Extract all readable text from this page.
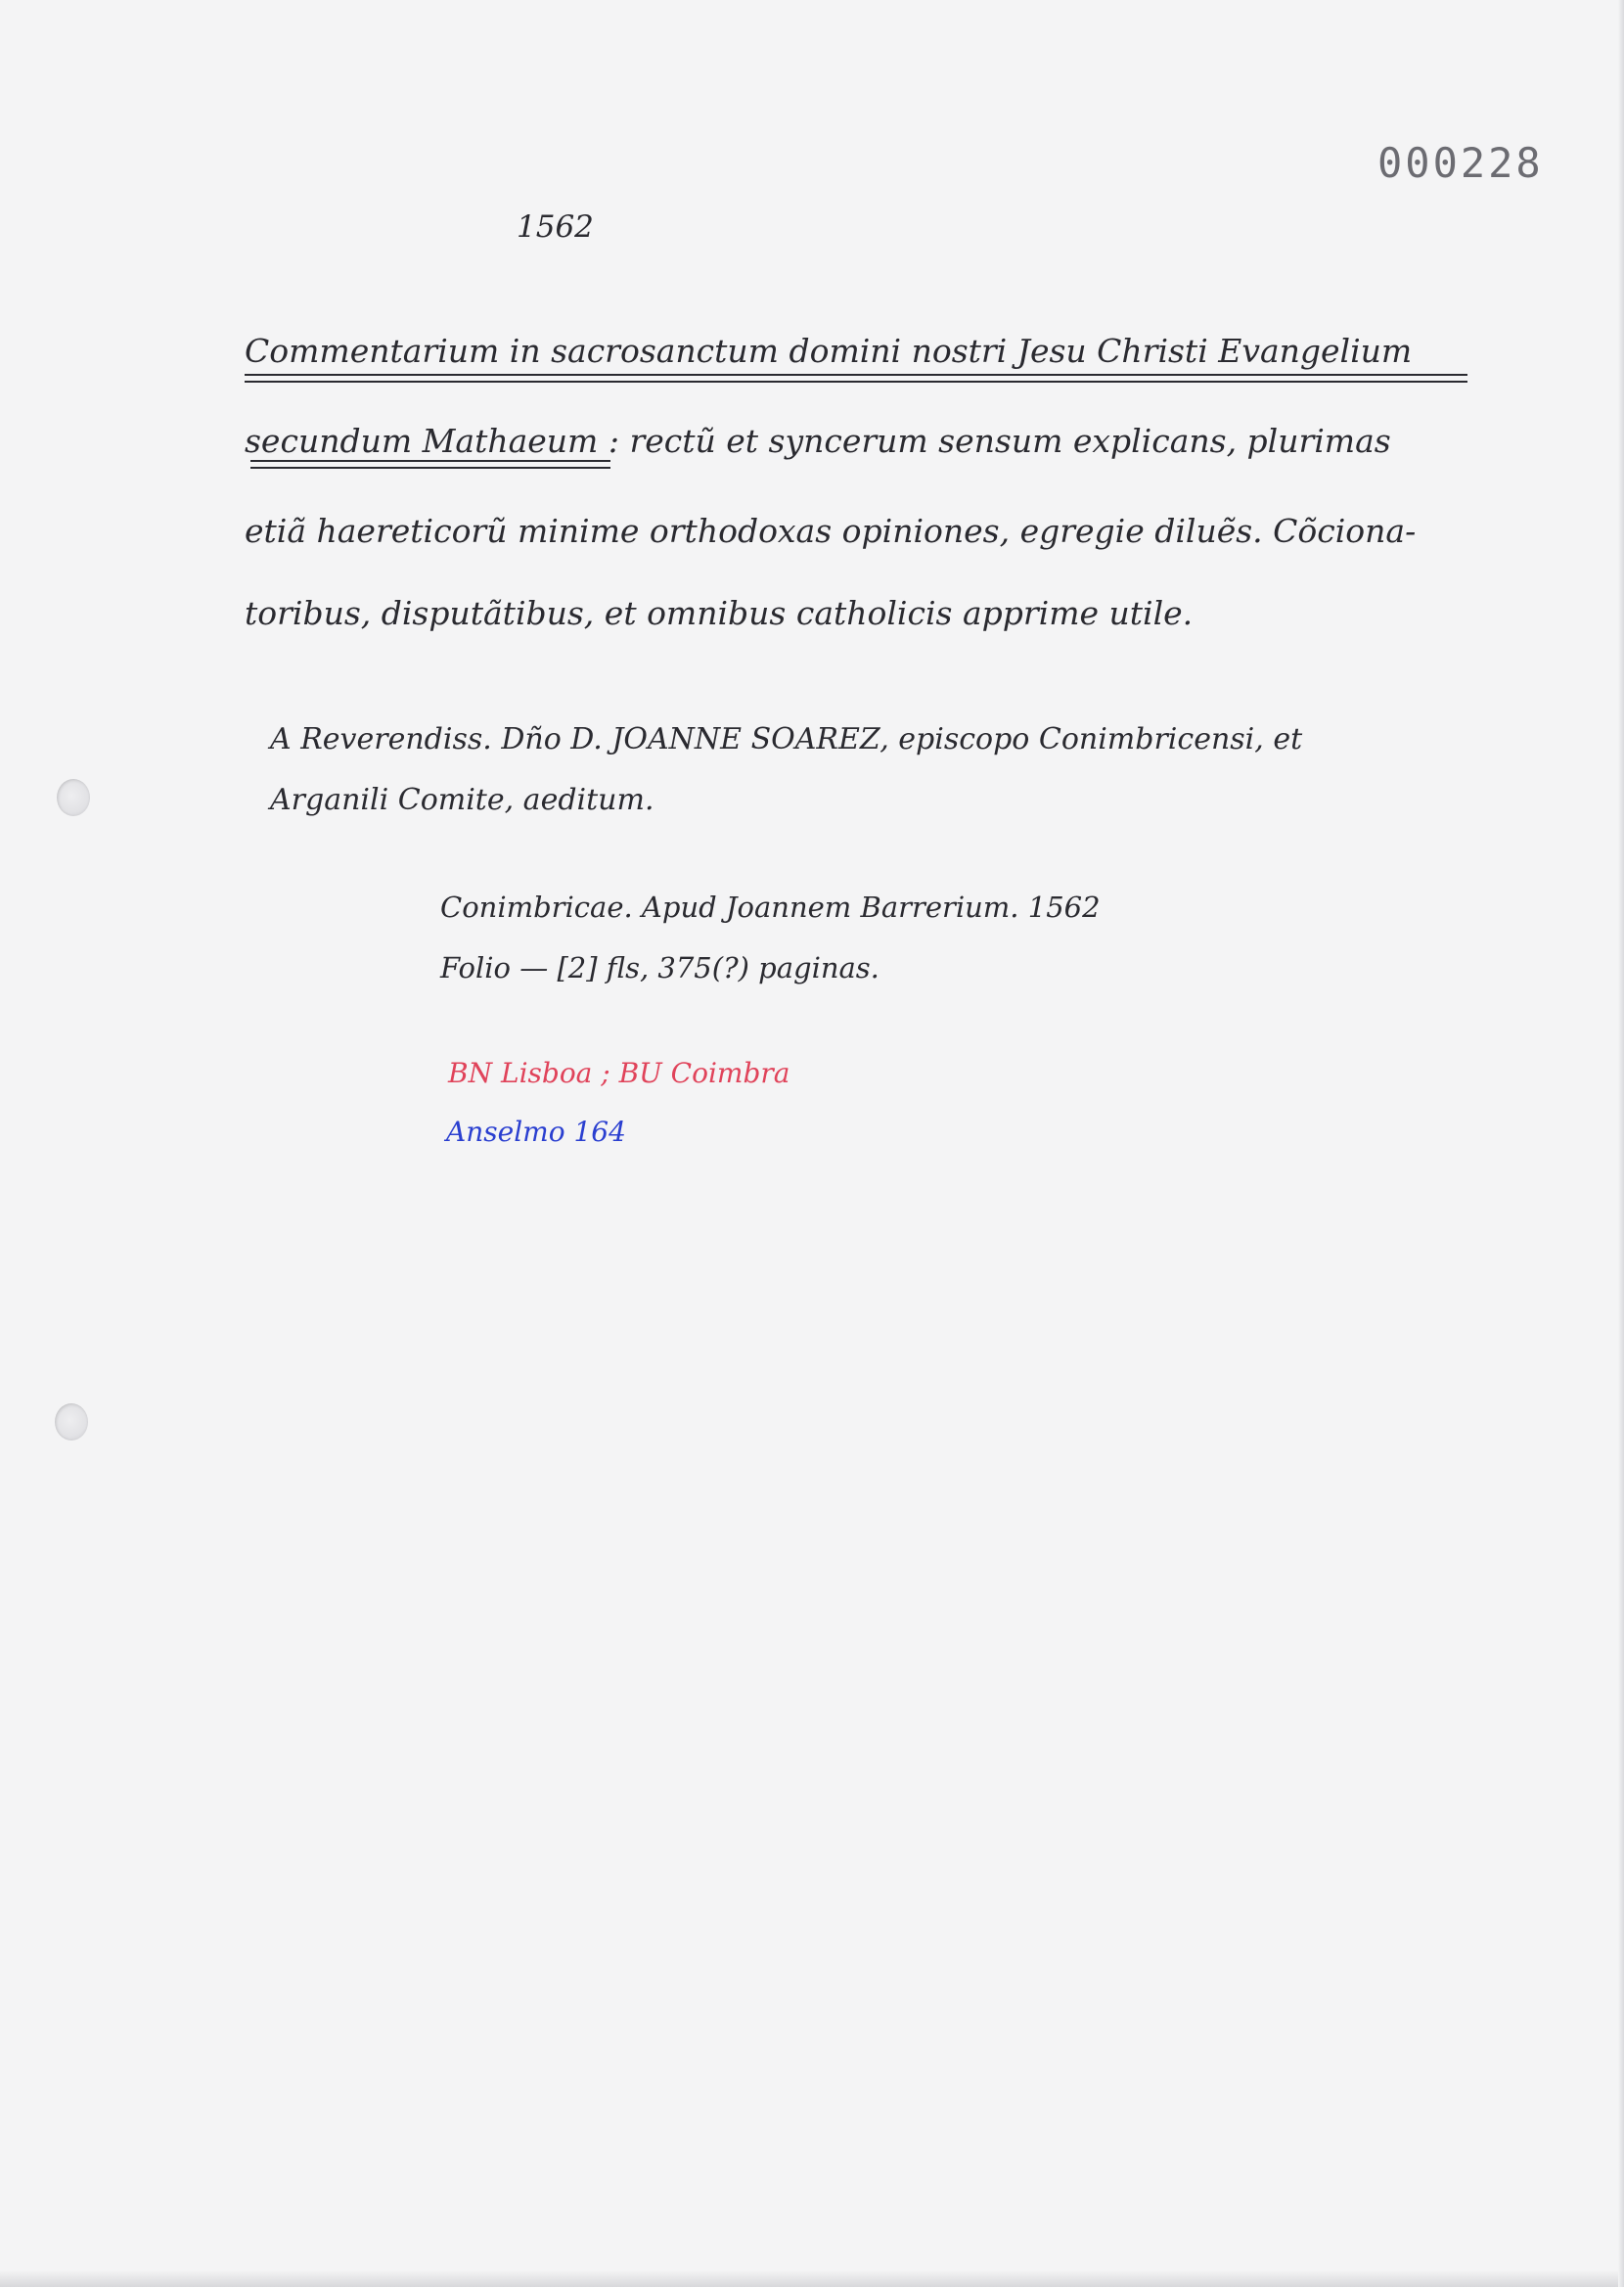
000228
1562
Commentarium in sacrosanctum domini nostri Jesu Christi Evangelium
secundum Mathaeum : rectũ et syncerum sensum explicans, plurimas
etiã haereticorũ minime orthodoxas opiniones, egregie diluẽs. Cõciona-
toribus, disputãtibus, et omnibus catholicis apprime utile.
A Reverendiss. Dño D. JOANNE SOAREZ, episcopo Conimbricensi, et
Arganili Comite, aeditum.
Conimbricae. Apud Joannem Barrerium. 1562
Folio — [2] fls, 375(?) paginas.
BN Lisboa ; BU Coimbra
Anselmo 164
